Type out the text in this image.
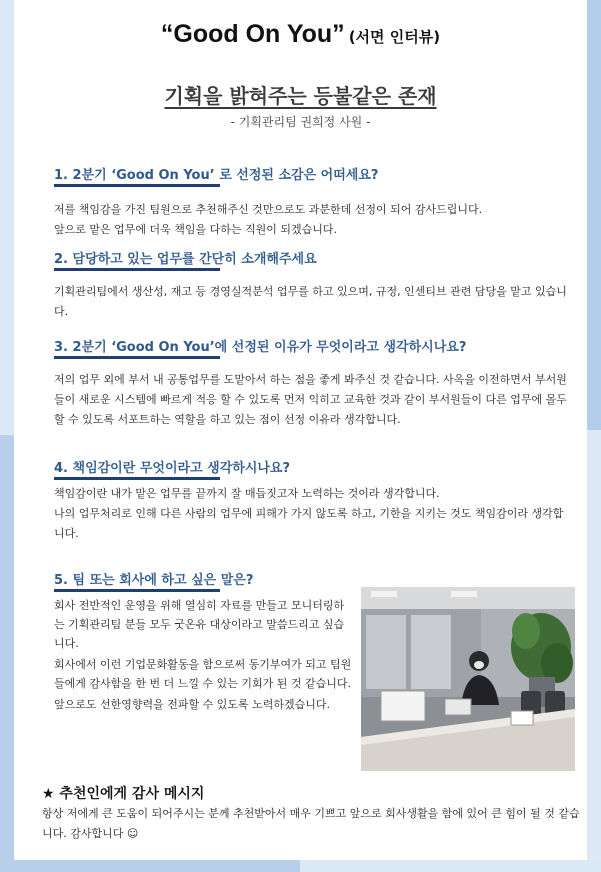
“Good On You” (서면 인터뷰)
기획을 밝혀주는 등불같은 존재
- 기획관리팀 권희정 사원 -
1. 2분기 ‘Good On You’ 로 선정된 소감은 어떠세요?

저를 책임감을 가진 팀원으로 추천해주신 것만으로도 과분한데 선정이 되어 감사드립니다.

앞으로 맡은 업무에 더욱 책임을 다하는 직원이 되겠습니다.

2. 담당하고 있는 업무를 간단히 소개해주세요

기획관리팀에서 생산성, 재고 등 경영실적분석 업무를 하고 있으며, 규정, 인센티브 관련 담당을 맡고 있습니다.

3. 2분기 ‘Good On You’에 선정된 이유가 무엇이라고 생각하시나요?

저의 업무 외에 부서 내 공통업무를 도맡아서 하는 점을 좋게 봐주신 것 같습니다. 사옥을 이전하면서 부서원들이 새로운 시스템에 빠르게 적응 할 수 있도록 먼저 익히고 교육한 것과 같이 부서원들이 다른 업무에 몰두할 수 있도록 서포트하는 역할을 하고 있는 점이 선정 이유라 생각합니다.

4. 책임감이란 무엇이라고 생각하시나요?

책임감이란 내가 맡은 업무를 끝까지 잘 매듭짓고자 노력하는 것이라 생각합니다.

나의 업무처리로 인해 다른 사람의 업무에 피해가 가지 않도록 하고, 기한을 지키는 것도 책임감이라 생각합니다.

5. 팀 또는 회사에 하고 싶은 말은?

회사 전반적인 운영을 위해 열심히 자료를 만들고 모니터링하는 기획관리팀 분들 모두 굿온유 대상이라고 말씀드리고 싶습니다.

회사에서 이런 기업문화활동을 함으로써 동기부여가 되고 팀원들에게 감사함을 한 번 더 느낄 수 있는 기회가 된 것 같습니다.

앞으로도 선한영향력을 전파할 수 있도록 노력하겠습니다.

★ 추천인에게 감사 메시지
항상 저에게 큰 도움이 되어주시는 분께 추천받아서 매우 기쁘고 앞으로 회사생활을 함에 있어 큰 힘이 될 것 같습니다. 감사합니다 ☺
